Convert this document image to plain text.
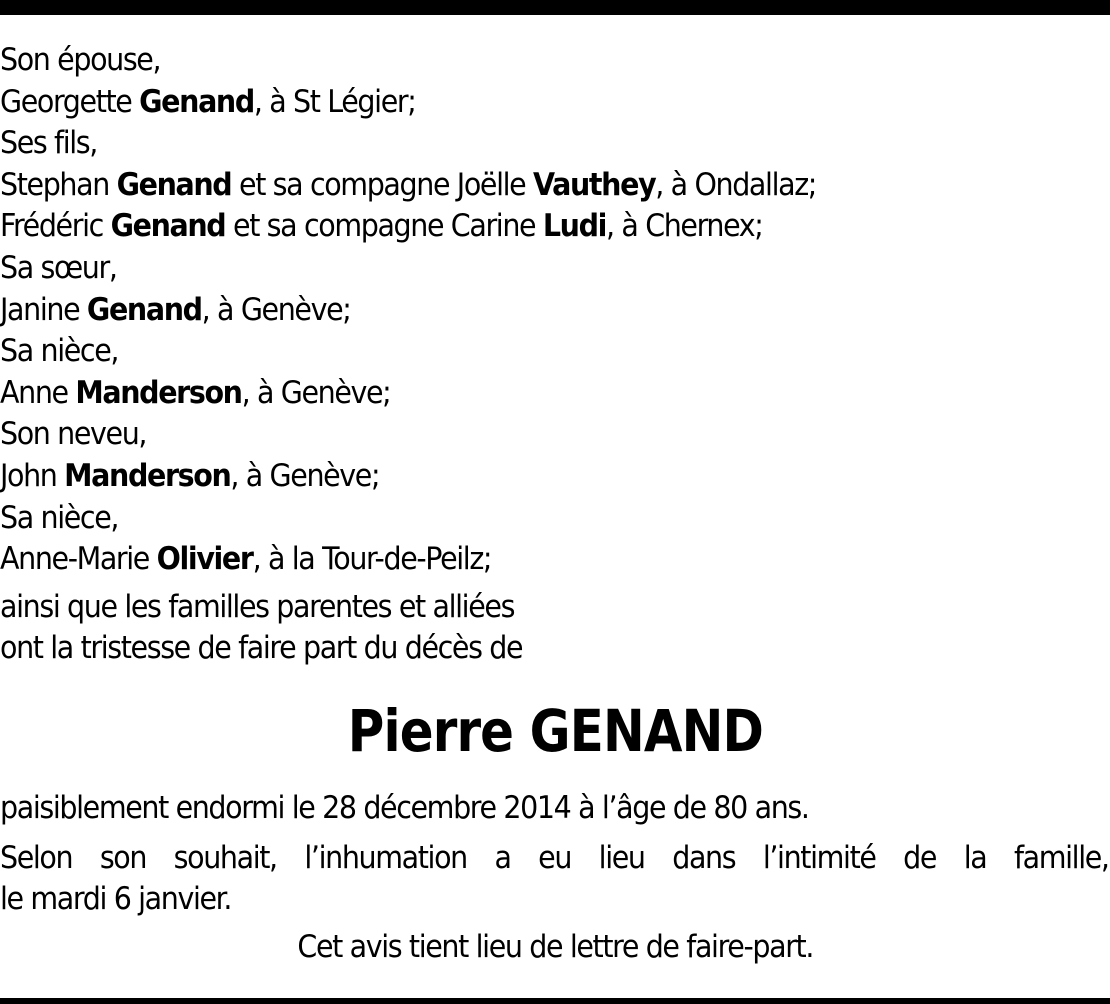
Son épouse,
Georgette Genand, à St Légier;
Ses fils,
Stephan Genand et sa compagne Joëlle Vauthey, à Ondallaz;
Frédéric Genand et sa compagne Carine Ludi, à Chernex;
Sa sœur,
Janine Genand, à Genève;
Sa nièce,
Anne Manderson, à Genève;
Son neveu,
John Manderson, à Genève;
Sa nièce,
Anne-Marie Olivier, à la Tour-de-Peilz;
ainsi que les familles parentes et alliées
ont la tristesse de faire part du décès de
Pierre GENAND
paisiblement endormi le 28 décembre 2014 à l’âge de 80 ans.
Selon son souhait, l’inhumation a eu lieu dans l’intimité de la famille,
le mardi 6 janvier.
Cet avis tient lieu de lettre de faire-part.
